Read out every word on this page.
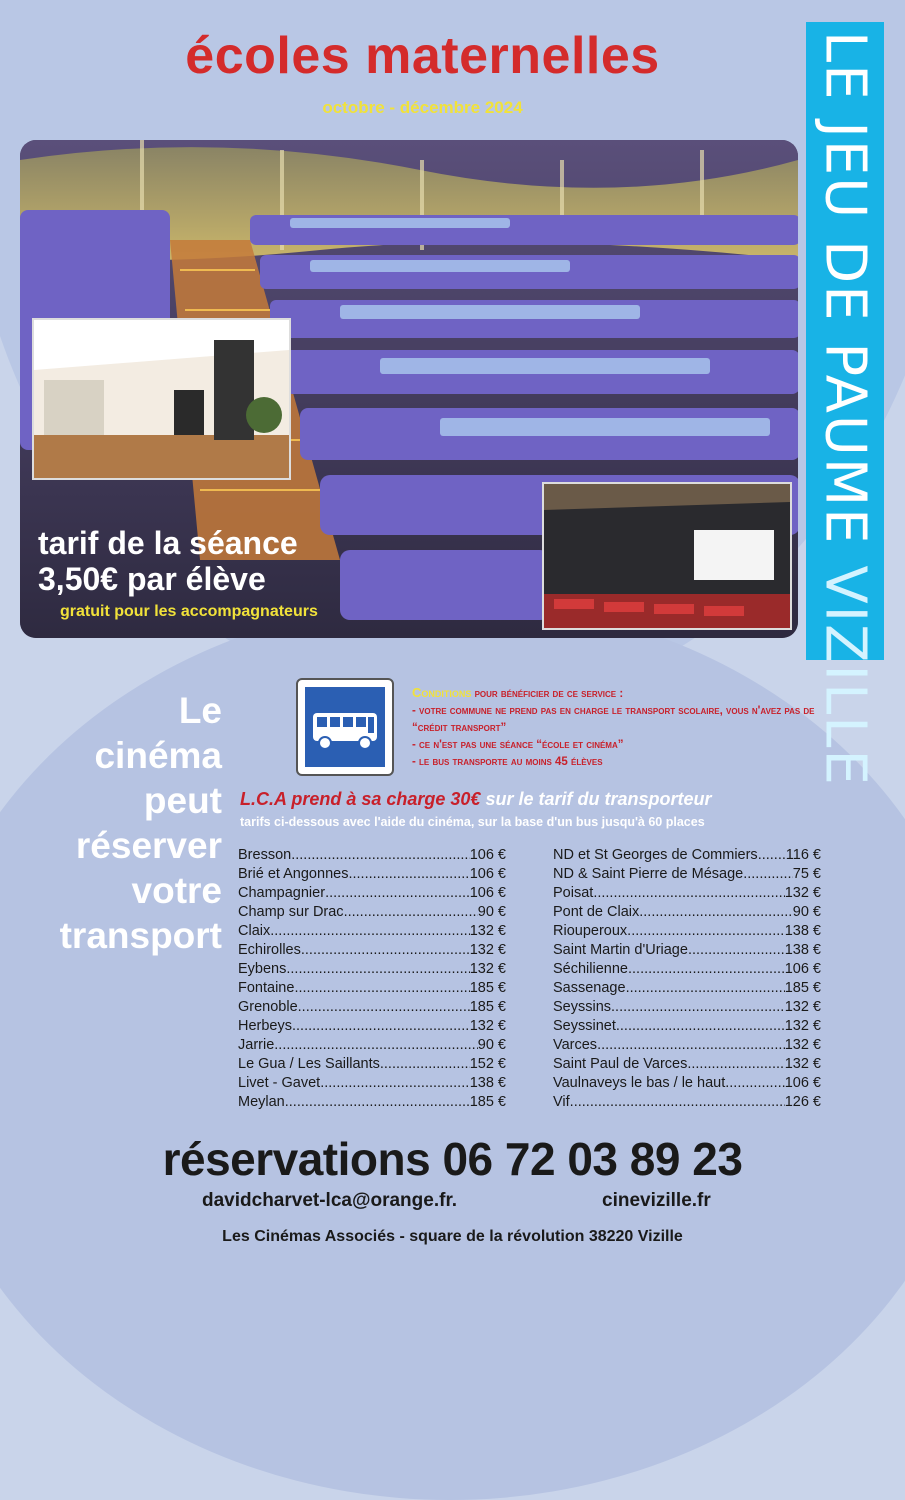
écoles maternelles
octobre - décembre 2024	LE JEU DE PAUME VIZILLE
tarif de la séance
3,50€ par élève
gratuit pour les accompagnateurs
Le
cinéma
peut
réserver
votre
transport
Conditions pour bénéficier de ce service :
- votre commune ne prend pas en charge le transport scolaire, vous n'avez pas de “crédit transport”
- ce n'est pas une séance “école et cinéma”
- le bus transporte au moins 45 élèves
L.C.A prend à sa charge 30€ sur le tarif du transporteur
tarifs ci-dessous avec l'aide du cinéma, sur la base d'un bus jusqu'à 60 places
Bresson .....	106 €
Brié et Angonnes .....	106 €
Champagnier .....	106 €
Champ sur Drac .....	90 €
Claix .....	132 €
Echirolles .....	132 €
Eybens .....	132 €
Fontaine .....	185 €
Grenoble .....	185 €
Herbeys .....	132 €
Jarrie .....	90 €
Le Gua / Les Saillants .....	152 €
Livet - Gavet .....	138 €
Meylan .....	185 €
ND et St Georges de Commiers ..... 116 €
ND & Saint Pierre de Mésage .....	75 €
Poisat .....	132 €
Pont de Claix .....	90 €
Riouperoux .....	138 €
Saint Martin d'Uriage .....	138 €
Séchilienne .....	106 €
Sassenage .....	185 €
Seyssins .....	132 €
Seyssinet .....	132 €
Varces .....	132 €
Saint Paul de Varces .....	132 €
Vaulnaveys le bas / le haut .....	106 €
Vif .....	126 €
réservations 06 72 03 89 23
davidcharvet-lca@orange.fr.	cinevizille.fr
Les Cinémas Associés - square de la révolution 38220 Vizille
